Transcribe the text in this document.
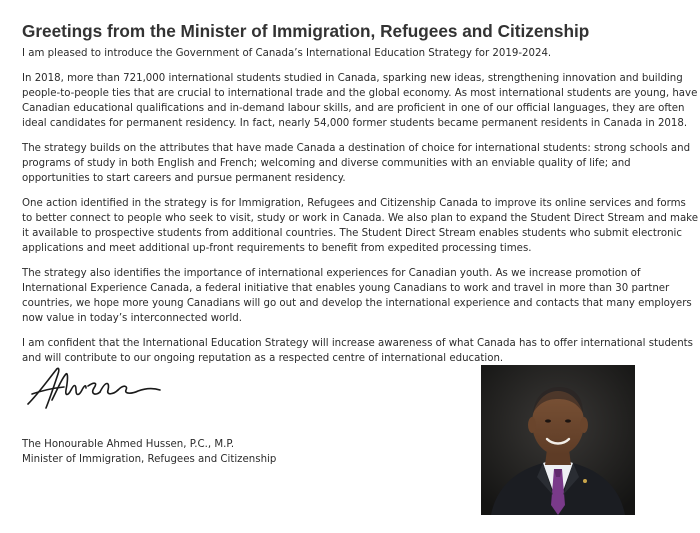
Greetings from the Minister of Immigration, Refugees and Citizenship

I am pleased to introduce the Government of Canada’s International Education Strategy for 2019-2024.

In 2018, more than 721,000 international students studied in Canada, sparking new ideas, strengthening innovation and building people-to-people ties that are crucial to international trade and the global economy. As most international students are young, have Canadian educational qualifications and in-demand labour skills, and are proficient in one of our official languages, they are often ideal candidates for permanent residency. In fact, nearly 54,000 former students became permanent residents in Canada in 2018.

The strategy builds on the attributes that have made Canada a destination of choice for international students: strong schools and programs of study in both English and French; welcoming and diverse communities with an enviable quality of life; and opportunities to start careers and pursue permanent residency.

One action identified in the strategy is for Immigration, Refugees and Citizenship Canada to improve its online services and forms to better connect to people who seek to visit, study or work in Canada. We also plan to expand the Student Direct Stream and make it available to prospective students from additional countries. The Student Direct Stream enables students who submit electronic applications and meet additional up-front requirements to benefit from expedited processing times.

The strategy also identifies the importance of international experiences for Canadian youth. As we increase promotion of International Experience Canada, a federal initiative that enables young Canadians to work and travel in more than 30 partner countries, we hope more young Canadians will go out and develop the international experience and contacts that many employers now value in today’s interconnected world.

I am confident that the International Education Strategy will increase awareness of what Canada has to offer international students and will contribute to our ongoing reputation as a respected centre of international education.

The Honourable Ahmed Hussen, P.C., M.P.
Minister of Immigration, Refugees and Citizenship
